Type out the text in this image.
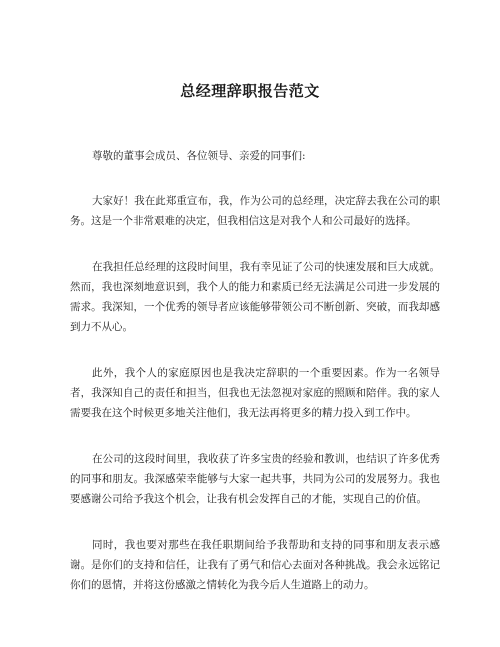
总经理辞职报告范文

尊敬的董事会成员、各位领导、亲爱的同事们:

大家好！我在此郑重宣布，我，作为公司的总经理，决定辞去我在公司的职务。这是一个非常艰难的决定，但我相信这是对我个人和公司最好的选择。

在我担任总经理的这段时间里，我有幸见证了公司的快速发展和巨大成就。然而，我也深刻地意识到，我个人的能力和素质已经无法满足公司进一步发展的需求。我深知，一个优秀的领导者应该能够带领公司不断创新、突破，而我却感到力不从心。

此外，我个人的家庭原因也是我决定辞职的一个重要因素。作为一名领导者，我深知自己的责任和担当，但我也无法忽视对家庭的照顾和陪伴。我的家人需要我在这个时候更多地关注他们，我无法再将更多的精力投入到工作中。

在公司的这段时间里，我收获了许多宝贵的经验和教训，也结识了许多优秀的同事和朋友。我深感荣幸能够与大家一起共事，共同为公司的发展努力。我也要感谢公司给予我这个机会，让我有机会发挥自己的才能，实现自己的价值。

同时，我也要对那些在我任职期间给予我帮助和支持的同事和朋友表示感谢。是你们的支持和信任，让我有了勇气和信心去面对各种挑战。我会永远铭记你们的恩情，并将这份感激之情转化为我今后人生道路上的动力。
